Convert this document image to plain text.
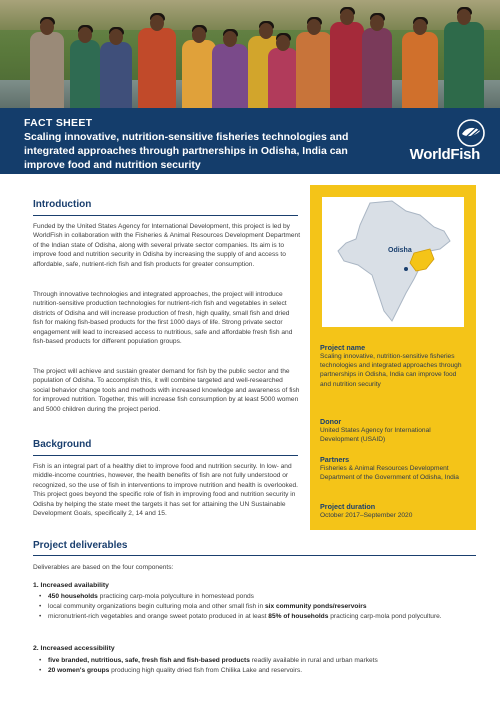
FACT SHEET
Scaling innovative, nutrition-sensitive fisheries technologies and integrated approaches through partnerships in Odisha, India can improve food and nutrition security
WorldFish
Introduction
Funded by the United States Agency for International Development, this project is led by WorldFish in collaboration with the Fisheries & Animal Resources Development Department of the Indian state of Odisha, along with several private sector companies. Its aim is to improve food and nutrition security in Odisha by increasing the supply of and access to affordable, safe, nutrient-rich fish and fish products for greater consumption.
Through innovative technologies and integrated approaches, the project will introduce nutrition-sensitive production technologies for nutrient-rich fish and vegetables in select districts of Odisha and will increase production of fresh, high quality, small fish and dried fish for making fish-based products for the first 1000 days of life. Strong private sector engagement will lead to increased access to nutritious, safe and affordable fresh fish and fish-based products for different population groups.
The project will achieve and sustain greater demand for fish by the public sector and the population of Odisha. To accomplish this, it will combine targeted and well-researched social behavior change tools and methods with increased knowledge and awareness of fish for improved nutrition. Together, this will increase fish consumption by at least 5000 women and 5000 children during the project period.
Background
Fish is an integral part of a healthy diet to improve food and nutrition security. In low- and middle-income countries, however, the health benefits of fish are not fully understood or recognized, so the use of fish in interventions to improve nutrition and health is overlooked. This project goes beyond the specific role of fish in improving food and nutrition security in Odisha by helping the state meet the targets it has set for attaining the UN Sustainable Development Goals, specifically 2, 14 and 15.
Odisha
Project name
Scaling innovative, nutrition-sensitive fisheries technologies and integrated approaches through partnerships in Odisha, India can improve food and nutrition security
Donor
United States Agency for International Development (USAID)
Partners
Fisheries & Animal Resources Development Department of the Government of Odisha, India
Project duration
October 2017–September 2020
Project deliverables
Deliverables are based on the four components:
1. Increased availability
• 450 households practicing carp-mola polyculture in homestead ponds
• local community organizations begin culturing mola and other small fish in six community ponds/reservoirs
• micronutrient-rich vegetables and orange sweet potato produced in at least 85% of households practicing carp-mola pond polyculture.
2. Increased accessibility
• five branded, nutritious, safe, fresh fish and fish-based products readily available in rural and urban markets
• 20 women's groups producing high quality dried fish from Chilika Lake and reservoirs.
